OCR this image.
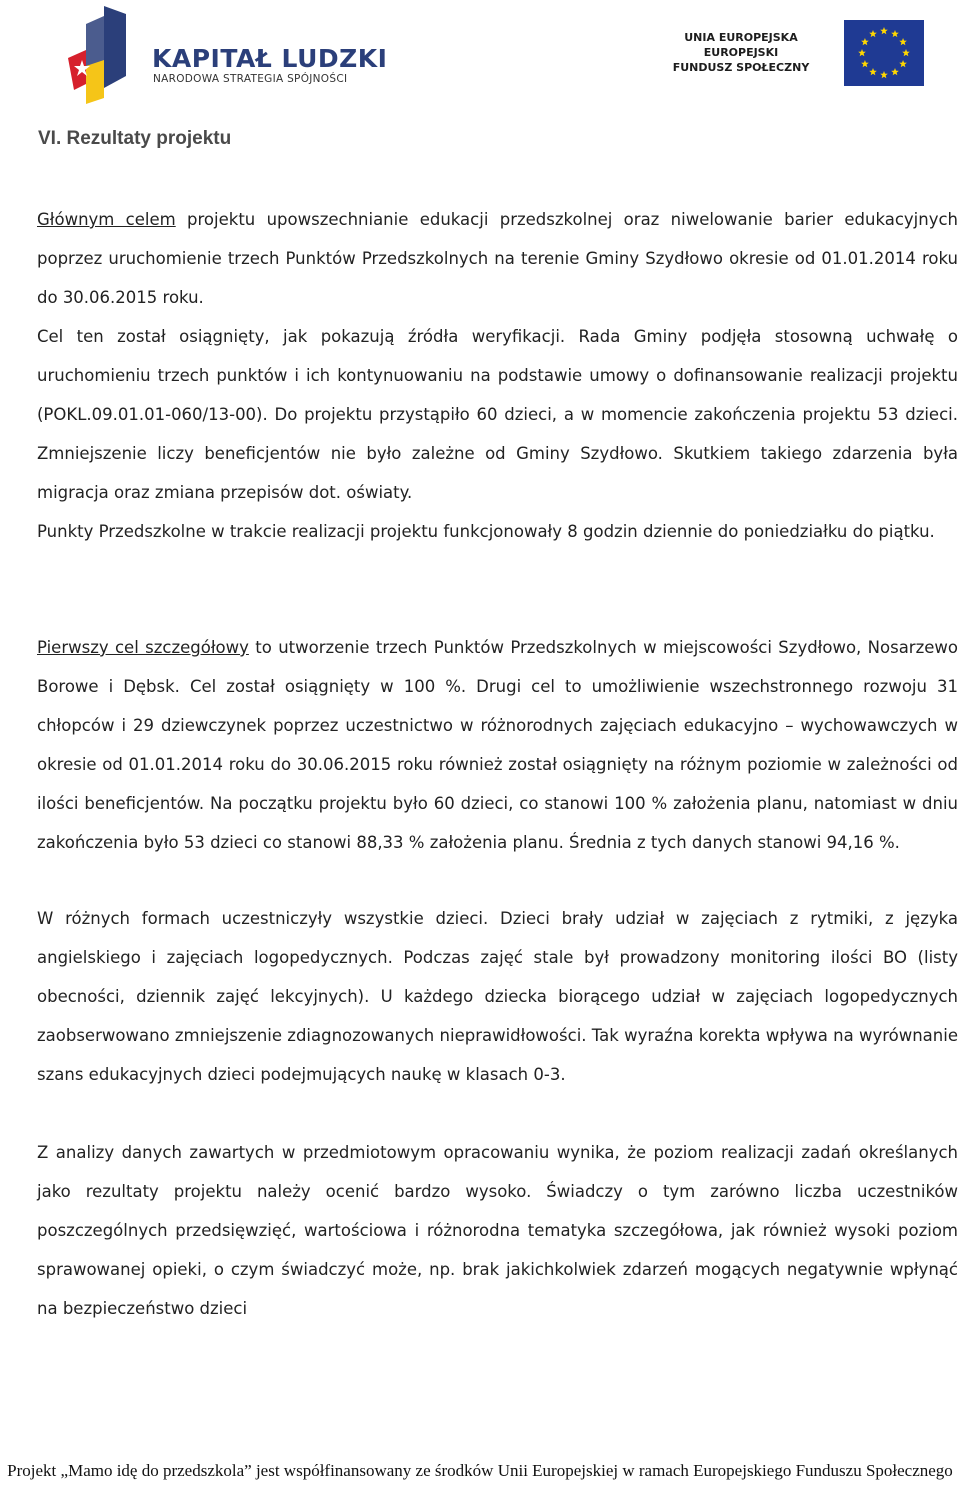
KAPITAŁ LUDZKI
NARODOWA STRATEGIA SPÓJNOŚCI
UNIA EUROPEJSKA
EUROPEJSKI
FUNDUSZ SPOŁECZNY
VI. Rezultaty projektu

Głównym celem projektu upowszechnianie edukacji przedszkolnej oraz niwelowanie barier edukacyjnych poprzez uruchomienie trzech Punktów Przedszkolnych na terenie Gminy Szydłowo okresie od 01.01.2014 roku do 30.06.2015 roku.
Cel ten został osiągnięty, jak pokazują źródła weryfikacji. Rada Gminy podjęła stosowną uchwałę o uruchomieniu trzech punktów i ich kontynuowaniu na podstawie umowy o dofinansowanie realizacji projektu (POKL.09.01.01-060/13-00). Do projektu przystąpiło 60 dzieci, a w momencie zakończenia projektu 53 dzieci. Zmniejszenie liczy beneficjentów nie było zależne od Gminy Szydłowo. Skutkiem takiego zdarzenia była migracja oraz zmiana przepisów dot. oświaty.
Punkty Przedszkolne w trakcie realizacji projektu funkcjonowały 8 godzin dziennie do poniedziałku do piątku.

Pierwszy cel szczegółowy to utworzenie trzech Punktów Przedszkolnych w miejscowości Szydłowo, Nosarzewo Borowe i Dębsk. Cel został osiągnięty w 100 %. Drugi cel to umożliwienie wszechstronnego rozwoju 31 chłopców i 29 dziewczynek poprzez uczestnictwo w różnorodnych zajęciach edukacyjno – wychowawczych w okresie od 01.01.2014 roku do 30.06.2015 roku również został osiągnięty na różnym poziomie w zależności od ilości beneficjentów. Na początku projektu było 60 dzieci, co stanowi 100 % założenia planu, natomiast w dniu zakończenia było 53 dzieci co stanowi 88,33 % założenia planu. Średnia z tych danych stanowi 94,16 %.

W różnych formach uczestniczyły wszystkie dzieci. Dzieci brały udział w zajęciach z rytmiki, z języka angielskiego i zajęciach logopedycznych. Podczas zajęć stale był prowadzony monitoring ilości BO (listy obecności, dziennik zajęć lekcyjnych). U każdego dziecka biorącego udział w zajęciach logopedycznych zaobserwowano zmniejszenie zdiagnozowanych nieprawidłowości. Tak wyraźna korekta wpływa na wyrównanie szans edukacyjnych dzieci podejmujących naukę w klasach 0-3.

Z analizy danych zawartych w przedmiotowym opracowaniu wynika, że poziom realizacji zadań określanych jako rezultaty projektu należy ocenić bardzo wysoko. Świadczy o tym zarówno liczba uczestników poszczególnych przedsięwzięć, wartościowa i różnorodna tematyka szczegółowa, jak również wysoki poziom sprawowanej opieki, o czym świadczyć może, np. brak jakichkolwiek zdarzeń mogących negatywnie wpłynąć na bezpieczeństwo dzieci

Projekt „Mamo idę do przedszkola” jest współfinansowany ze środków Unii Europejskiej w ramach Europejskiego Funduszu Społecznego
